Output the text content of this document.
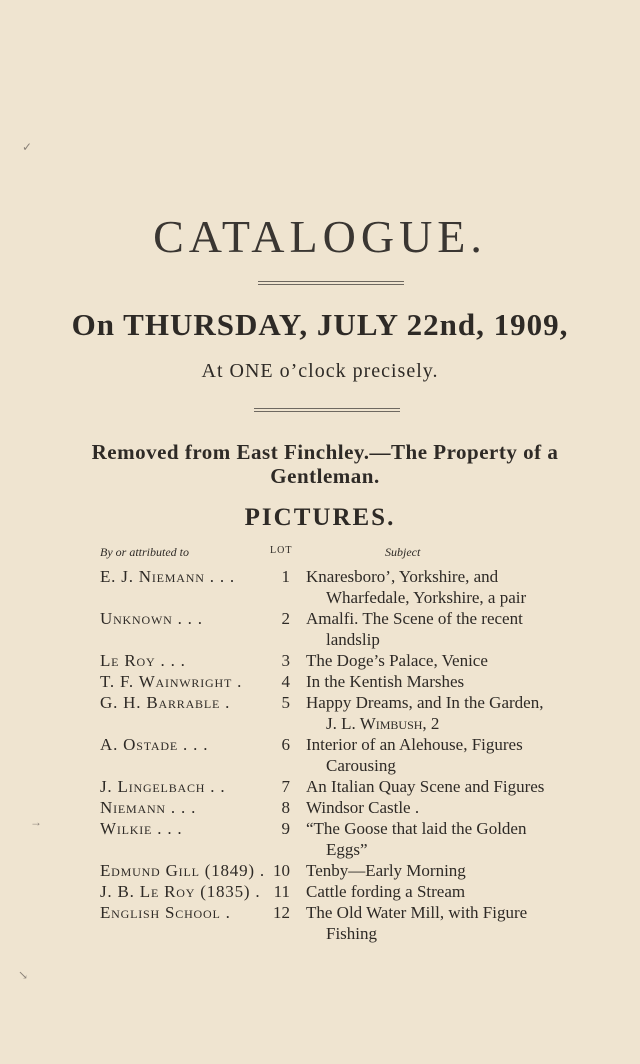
✓
↘
→
CATALOGUE.
On THURSDAY, JULY 22nd, 1909,
At ONE o’clock precisely.
Removed from East Finchley.—The Property of a Gentleman.
PICTURES.
By or attributed to	LOT	Subject
E. J. Niemann . . .	1 Knaresboro’, Yorkshire, and
Wharfedale, Yorkshire, a pair
Unknown . . .	2 Amalfi. The Scene of the recent
landslip
Le Roy . . .	3 The Doge’s Palace, Venice
T. F. Wainwright .	4 In the Kentish Marshes
G. H. Barrable .	5 Happy Dreams, and In the Garden,
J. L. Wimbush, 2
A. Ostade . . .	6 Interior of an Alehouse, Figures
Carousing
J. Lingelbach . .	7 An Italian Quay Scene and Figures
Niemann . . .	8 Windsor Castle .
Wilkie . . .	9 “The Goose that laid the Golden
Eggs”
Edmund Gill (1849) . 10 Tenby—Early Morning
J. B. Le Roy (1835) . 11 Cattle fording a Stream
English School .	12 The Old Water Mill, with Figure
Fishing
